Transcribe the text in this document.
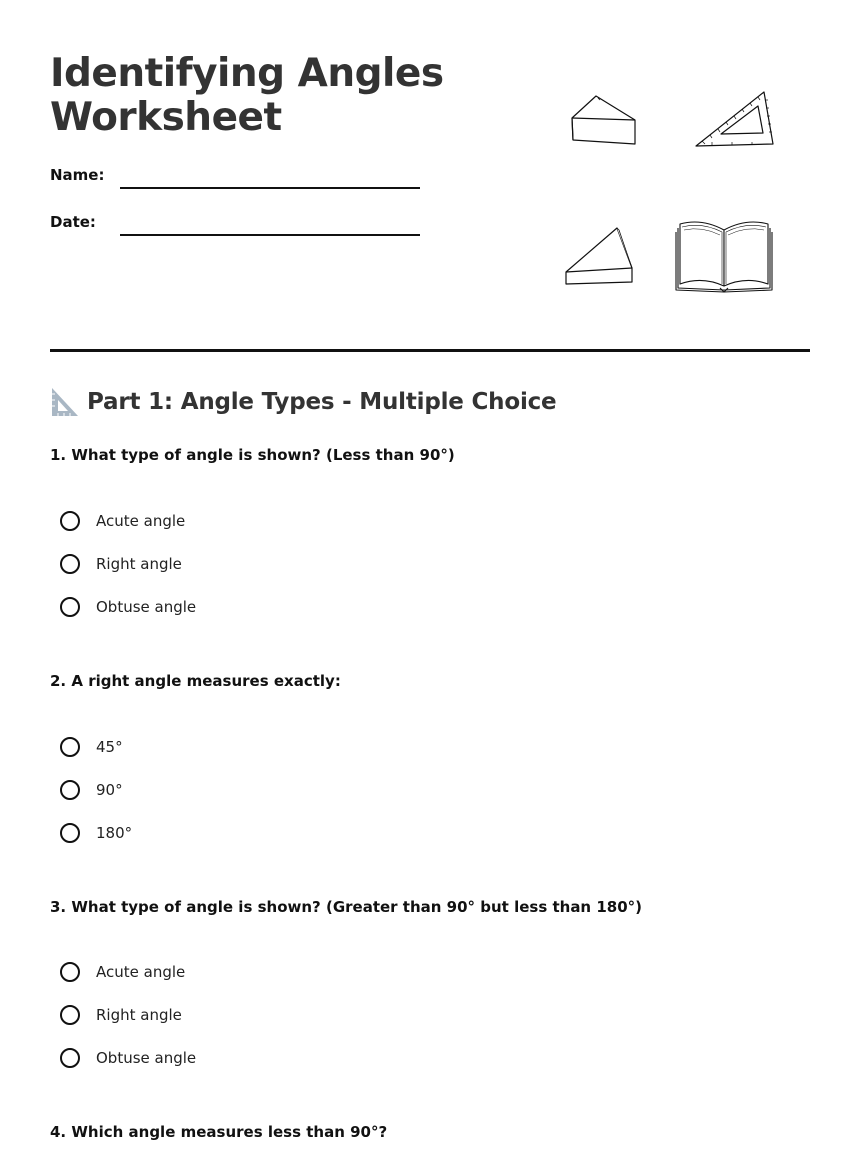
Identifying Angles
Worksheet
Name:
Date:
Part 1: Angle Types - Multiple Choice
1. What type of angle is shown? (Less than 90°)
Acute angle
Right angle
Obtuse angle
2. A right angle measures exactly:
45°
90°
180°
3. What type of angle is shown? (Greater than 90° but less than 180°)
Acute angle
Right angle
Obtuse angle
4. Which angle measures less than 90°?
